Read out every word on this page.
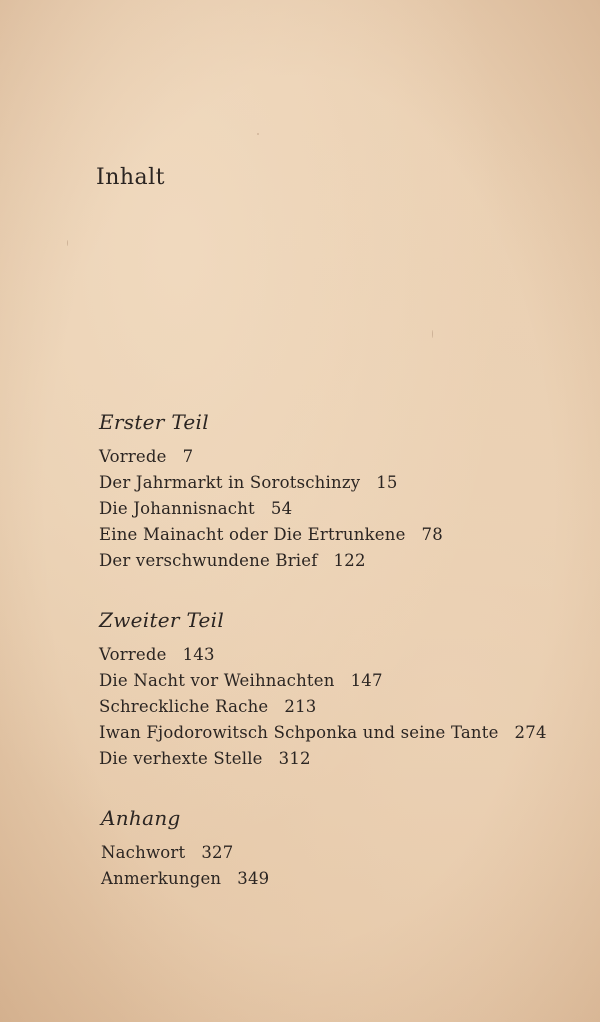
Inhalt
Erster Teil
Vorrede 7
Der Jahrmarkt in Sorotschinzy 15
Die Johannisnacht 54
Eine Mainacht oder Die Ertrunkene 78
Der verschwundene Brief 122
Zweiter Teil
Vorrede 143
Die Nacht vor Weihnachten 147
Schreckliche Rache 213
Iwan Fjodorowitsch Schponka und seine Tante 274
Die verhexte Stelle 312
Anhang
Nachwort 327
Anmerkungen 349
